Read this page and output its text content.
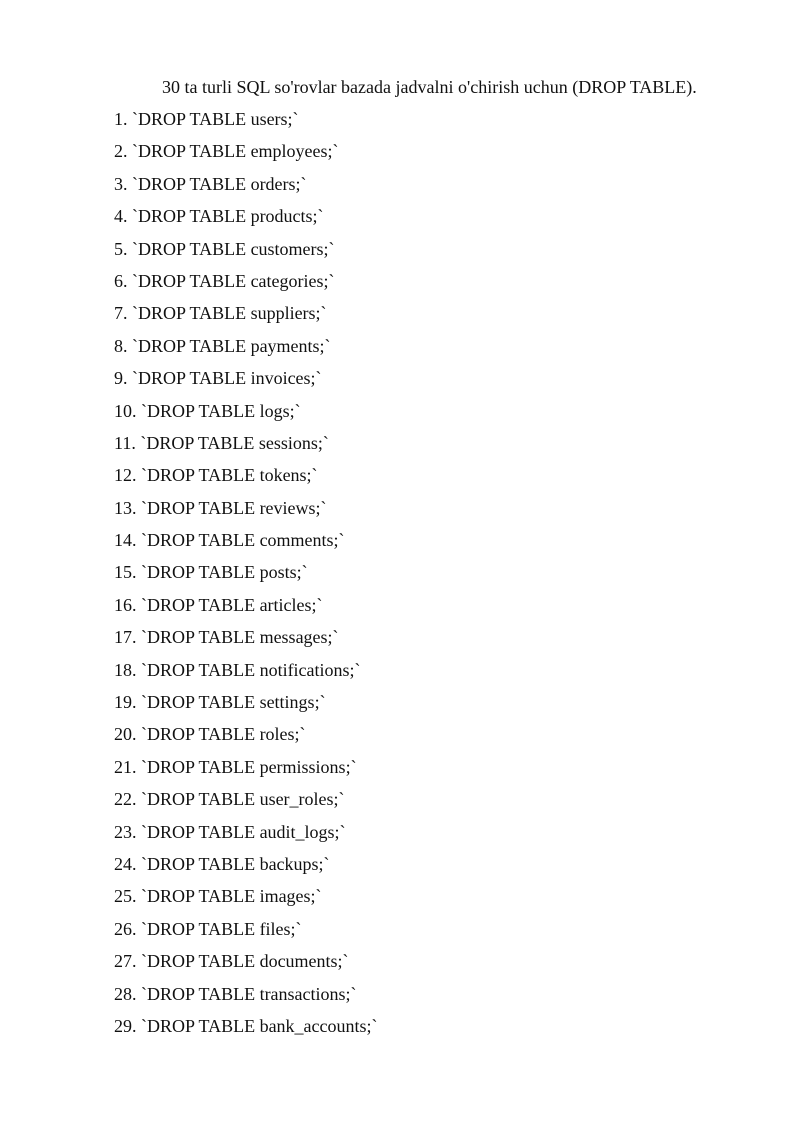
30 ta turli SQL so'rovlar bazada jadvalni o'chirish uchun (DROP TABLE).

1. `DROP TABLE users;`
2. `DROP TABLE employees;`
3. `DROP TABLE orders;`
4. `DROP TABLE products;`
5. `DROP TABLE customers;`
6. `DROP TABLE categories;`
7. `DROP TABLE suppliers;`
8. `DROP TABLE payments;`
9. `DROP TABLE invoices;`
10. `DROP TABLE logs;`
11. `DROP TABLE sessions;`
12. `DROP TABLE tokens;`
13. `DROP TABLE reviews;`
14. `DROP TABLE comments;`
15. `DROP TABLE posts;`
16. `DROP TABLE articles;`
17. `DROP TABLE messages;`
18. `DROP TABLE notifications;`
19. `DROP TABLE settings;`
20. `DROP TABLE roles;`
21. `DROP TABLE permissions;`
22. `DROP TABLE user_roles;`
23. `DROP TABLE audit_logs;`
24. `DROP TABLE backups;`
25. `DROP TABLE images;`
26. `DROP TABLE files;`
27. `DROP TABLE documents;`
28. `DROP TABLE transactions;`
29. `DROP TABLE bank_accounts;`
